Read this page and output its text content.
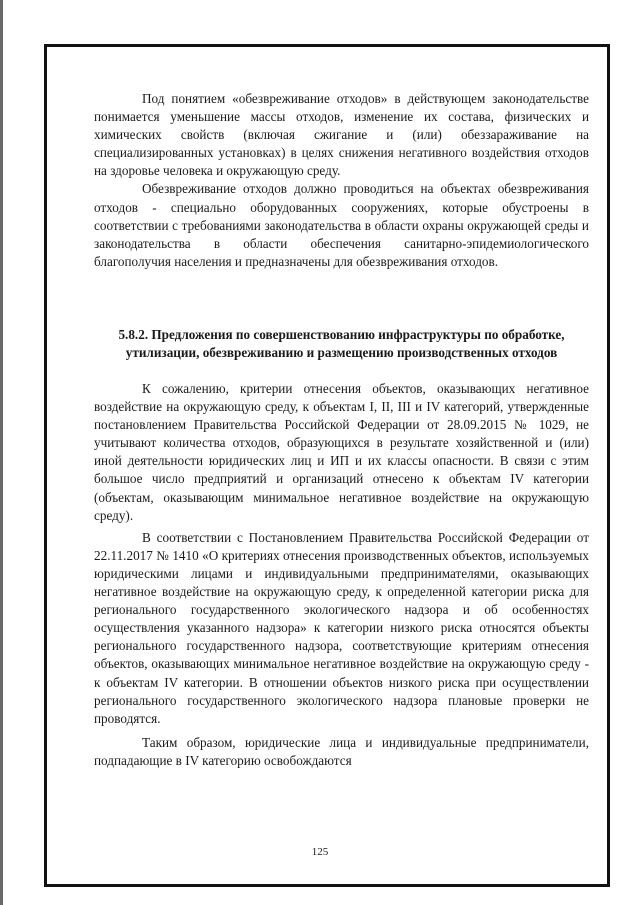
Под понятием «обезвреживание отходов» в действующем законодательстве понимается уменьшение массы отходов, изменение их состава, физических и химических свойств (включая сжигание и (или) обеззараживание на специализированных установках) в целях снижения негативного воздействия отходов на здоровье человека и окружающую среду.

Обезвреживание отходов должно проводиться на объектах обезвреживания отходов - специально оборудованных сооружениях, которые обустроены в соответствии с требованиями законодательства в области охраны окружающей среды и законодательства в области обеспечения санитарно-эпидемиологического благополучия населения и предназначены для обезвреживания отходов.

5.8.2. Предложения по совершенствованию инфраструктуры по обработке, утилизации, обезвреживанию и размещению производственных отходов

К сожалению, критерии отнесения объектов, оказывающих негативное воздействие на окружающую среду, к объектам I, II, III и IV категорий, утвержденные постановлением Правительства Российской Федерации от 28.09.2015 № 1029, не учитывают количества отходов, образующихся в результате хозяйственной и (или) иной деятельности юридических лиц и ИП и их классы опасности. В связи с этим большое число предприятий и организаций отнесено к объектам IV категории (объектам, оказывающим минимальное негативное воздействие на окружающую среду).

В соответствии с Постановлением Правительства Российской Федерации от 22.11.2017 № 1410 «О критериях отнесения производственных объектов, используемых юридическими лицами и индивидуальными предпринимателями, оказывающих негативное воздействие на окружающую среду, к определенной категории риска для регионального государственного экологического надзора и об особенностях осуществления указанного надзора» к категории низкого риска относятся объекты регионального государственного надзора, соответствующие критериям отнесения объектов, оказывающих минимальное негативное воздействие на окружающую среду - к объектам IV категории. В отношении объектов низкого риска при осуществлении регионального государственного экологического надзора плановые проверки не проводятся.

Таким образом, юридические лица и индивидуальные предприниматели, подпадающие в IV категорию освобождаются

125
